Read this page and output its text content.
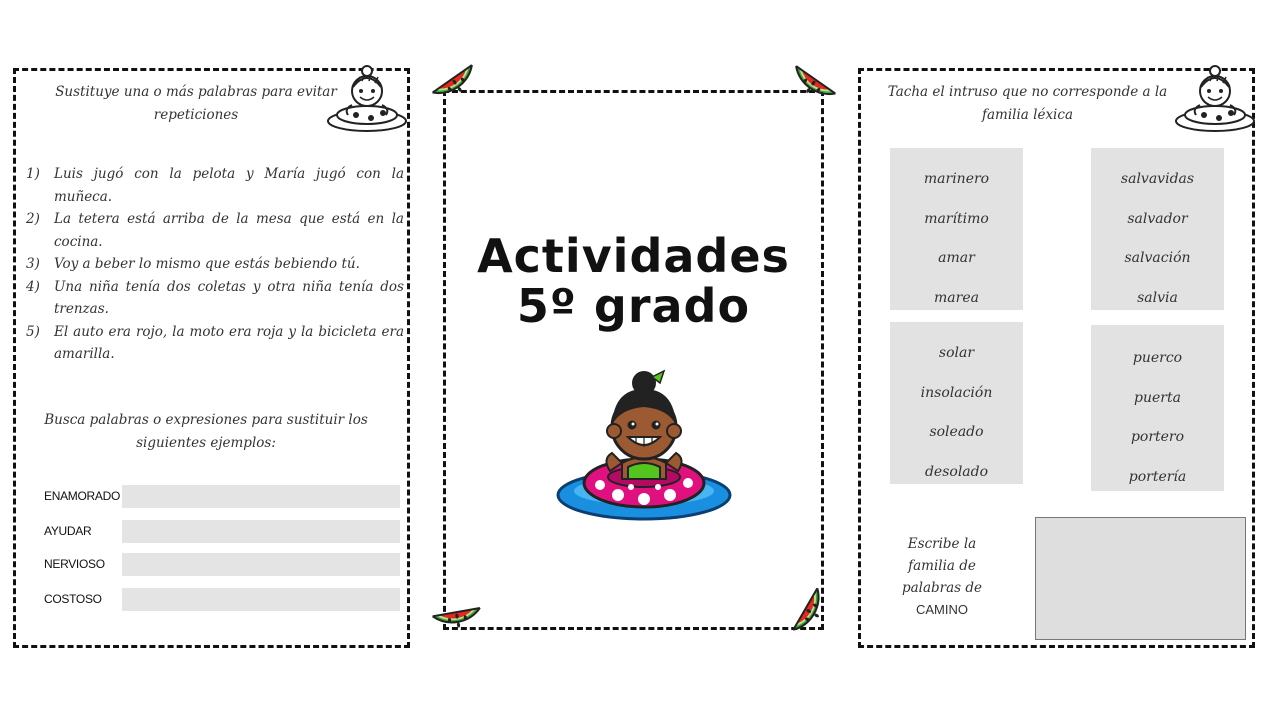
Sustituye una o más palabras para evitar repeticiones
1)	Luis jugó con la pelota y María jugó con la muñeca.
2)	La tetera está arriba de la mesa que está en la cocina.
3)	Voy a beber lo mismo que estás bebiendo tú.
4)	Una niña tenía dos coletas y otra niña tenía dos trenzas.
5)	El auto era rojo, la moto era roja y la bicicleta era amarilla.
Busca palabras o expresiones para sustituir los siguientes ejemplos:
ENAMORADO
AYUDAR
NERVIOSO
COSTOSO
Actividades
5º grado
Tacha el intruso que no corresponde a la familia léxica
marinero
marítimo
amar
marea
salvavidas
salvador
salvación
salvia
solar
insolación
soleado
desolado
puerco
puerta
portero
portería
Escribe la familia de palabras de
CAMINO
